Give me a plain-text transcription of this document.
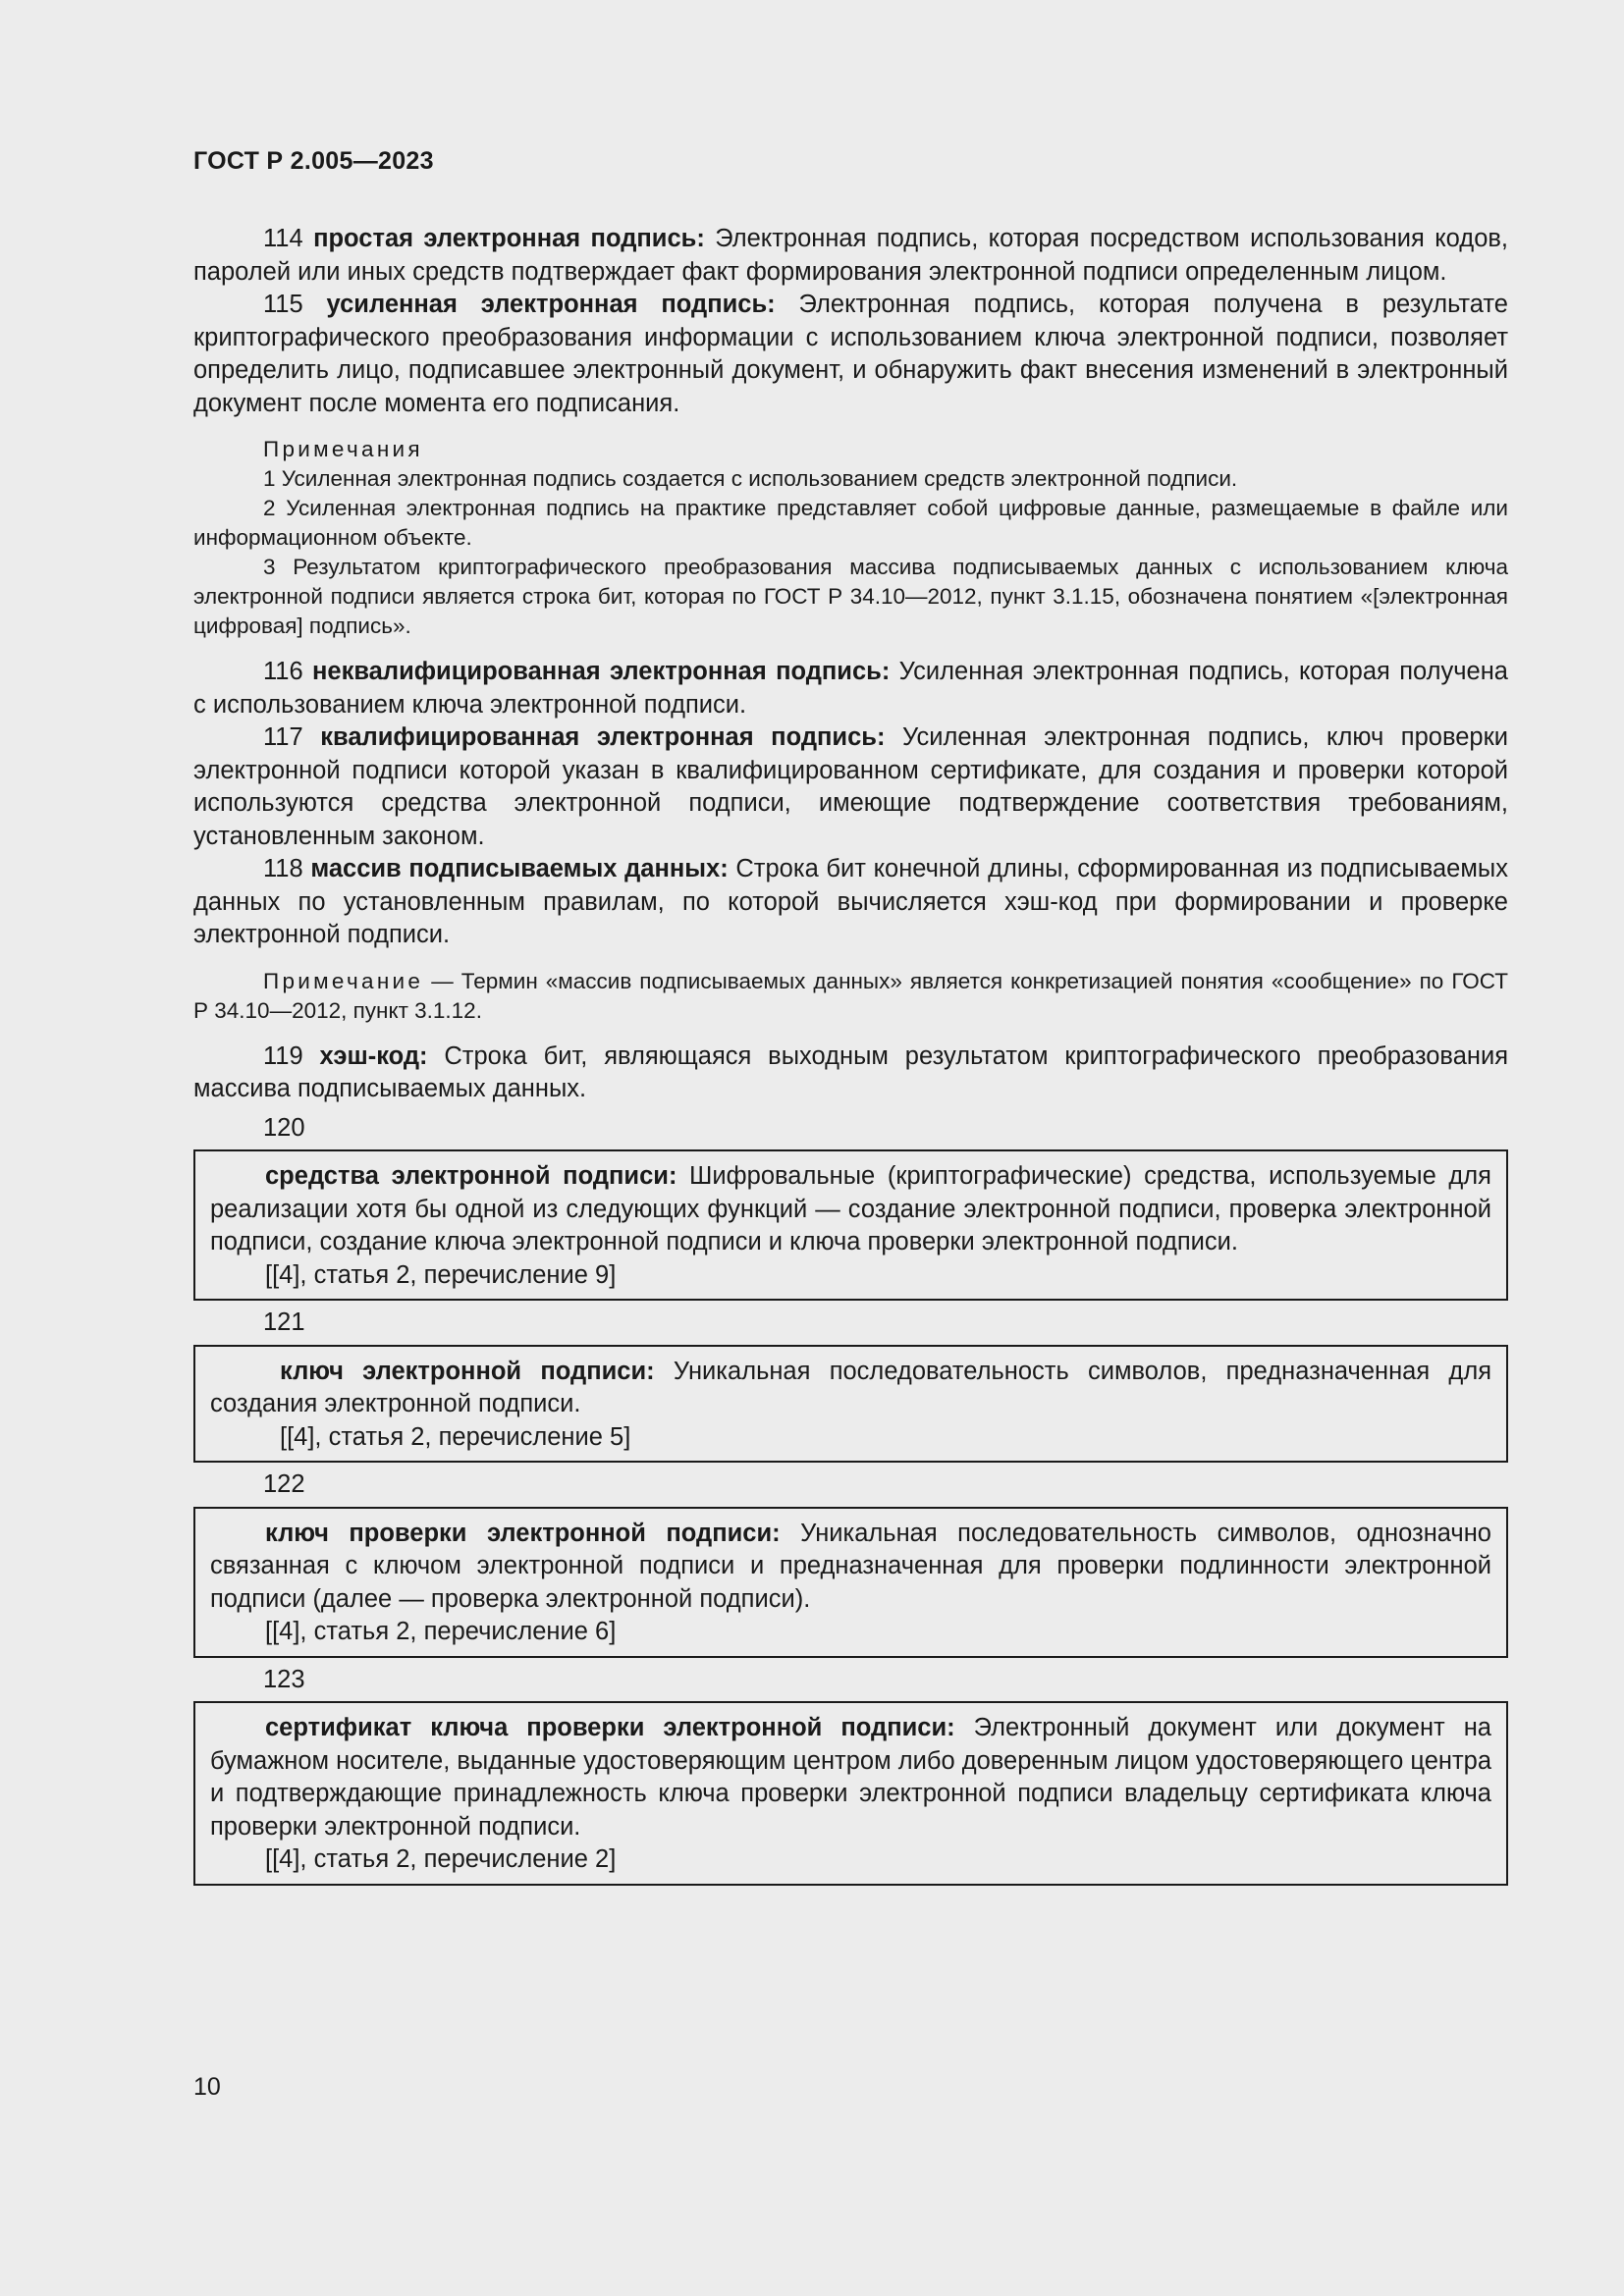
ГОСТ Р 2.005—2023

114 простая электронная подпись: Электронная подпись, которая посредством использования кодов, паролей или иных средств подтверждает факт формирования электронной подписи определенным лицом.

115 усиленная электронная подпись: Электронная подпись, которая получена в результате криптографического преобразования информации с использованием ключа электронной подписи, позволяет определить лицо, подписавшее электронный документ, и обнаружить факт внесения изменений в электронный документ после момента его подписания.

Примечания

1 Усиленная электронная подпись создается с использованием средств электронной подписи.

2 Усиленная электронная подпись на практике представляет собой цифровые данные, размещаемые в файле или информационном объекте.

3 Результатом криптографического преобразования массива подписываемых данных с использованием ключа электронной подписи является строка бит, которая по ГОСТ Р 34.10—2012, пункт 3.1.15, обозначена понятием «[электронная цифровая] подпись».

116 неквалифицированная электронная подпись: Усиленная электронная подпись, которая получена с использованием ключа электронной подписи.

117 квалифицированная электронная подпись: Усиленная электронная подпись, ключ проверки электронной подписи которой указан в квалифицированном сертификате, для создания и проверки которой используются средства электронной подписи, имеющие подтверждение соответствия требованиям, установленным законом.

118 массив подписываемых данных: Строка бит конечной длины, сформированная из подписываемых данных по установленным правилам, по которой вычисляется хэш-код при формировании и проверке электронной подписи.

Примечание — Термин «массив подписываемых данных» является конкретизацией понятия «сообщение» по ГОСТ Р 34.10—2012, пункт 3.1.12.

119 хэш-код: Строка бит, являющаяся выходным результатом криптографического преобразования массива подписываемых данных.

120

средства электронной подписи: Шифровальные (криптографические) средства, используемые для реализации хотя бы одной из следующих функций — создание электронной подписи, проверка электронной подписи, создание ключа электронной подписи и ключа проверки электронной подписи.

[[4], статья 2, перечисление 9]
121

ключ электронной подписи: Уникальная последовательность символов, предназначенная для создания электронной подписи.

[[4], статья 2, перечисление 5]
122

ключ проверки электронной подписи: Уникальная последовательность символов, однозначно связанная с ключом электронной подписи и предназначенная для проверки подлинности электронной подписи (далее — проверка электронной подписи).

[[4], статья 2, перечисление 6]
123

сертификат ключа проверки электронной подписи: Электронный документ или документ на бумажном носителе, выданные удостоверяющим центром либо доверенным лицом удостоверяющего центра и подтверждающие принадлежность ключа проверки электронной подписи владельцу сертификата ключа проверки электронной подписи.

[[4], статья 2, перечисление 2]
10
